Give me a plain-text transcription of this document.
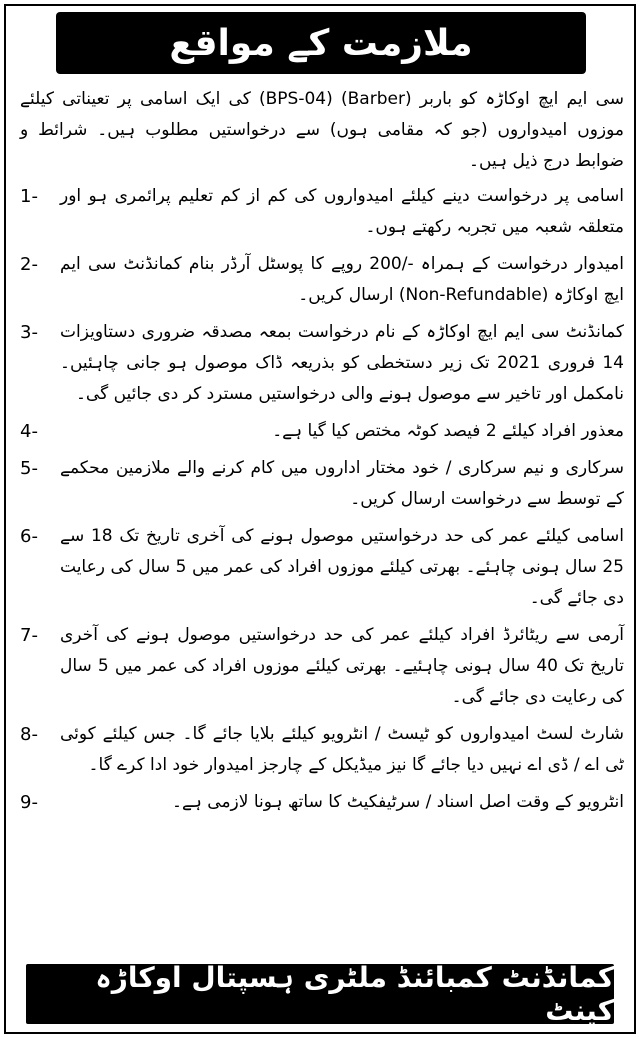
ملازمت کے مواقع

سی ایم ایچ اوکاڑہ کو باربر (Barber) (BPS-04) کی ایک اسامی پر تعیناتی کیلئے موزوں امیدواروں (جو کہ مقامی ہوں) سے درخواستیں مطلوب ہیں۔ شرائط و ضوابط درج ذیل ہیں۔

1-	اسامی پر درخواست دینے کیلئے امیدواروں کی کم از کم تعلیم پرائمری ہو اور متعلقہ شعبہ میں تجربہ رکھتے ہوں۔
2-	امیدوار درخواست کے ہمراہ -/200 روپے کا پوسٹل آرڈر بنام کمانڈنٹ سی ایم ایچ اوکاڑہ (Non-Refundable) ارسال کریں۔
3-	کمانڈنٹ سی ایم ایچ اوکاڑہ کے نام درخواست بمعہ مصدقہ ضروری دستاویزات 14 فروری 2021 تک زیر دستخطی کو بذریعہ ڈاک موصول ہو جانی چاہئیں۔ نامکمل اور تاخیر سے موصول ہونے والی درخواستیں مسترد کر دی جائیں گی۔
4-	معذور افراد کیلئے 2 فیصد کوٹہ مختص کیا گیا ہے۔
5-	سرکاری و نیم سرکاری / خود مختار اداروں میں کام کرنے والے ملازمین محکمے کے توسط سے درخواست ارسال کریں۔
6-	اسامی کیلئے عمر کی حد درخواستیں موصول ہونے کی آخری تاریخ تک 18 سے 25 سال ہونی چاہئے۔ بھرتی کیلئے موزوں افراد کی عمر میں 5 سال کی رعایت دی جائے گی۔
7-	آرمی سے ریٹائرڈ افراد کیلئے عمر کی حد درخواستیں موصول ہونے کی آخری تاریخ تک 40 سال ہونی چاہئیے۔ بھرتی کیلئے موزوں افراد کی عمر میں 5 سال کی رعایت دی جائے گی۔
8-	شارٹ لسٹ امیدواروں کو ٹیسٹ / انٹرویو کیلئے بلایا جائے گا۔ جس کیلئے کوئی ٹی اے / ڈی اے نہیں دیا جائے گا نیز میڈیکل کے چارجز امیدوار خود ادا کرے گا۔
9-	انٹرویو کے وقت اصل اسناد / سرٹیفکیٹ کا ساتھ ہونا لازمی ہے۔
کمانڈنٹ کمبائنڈ ملٹری ہسپتال اوکاڑہ کینٹ
